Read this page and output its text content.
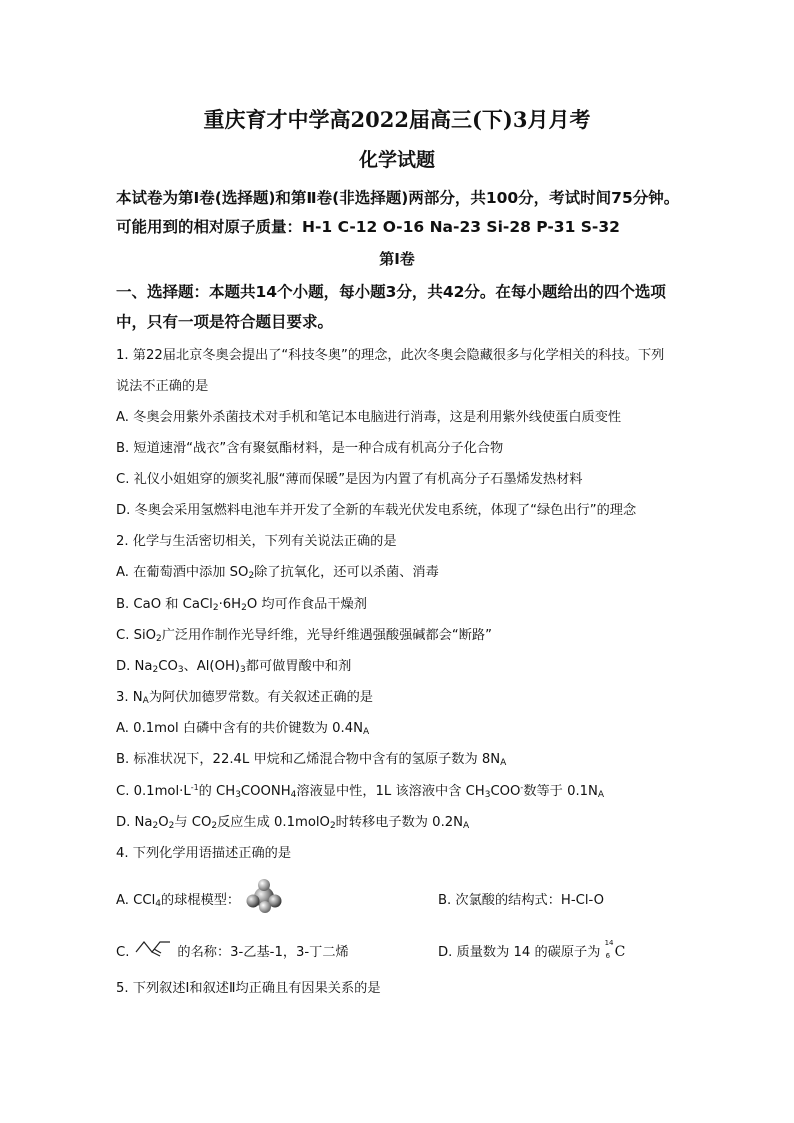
重庆育才中学高2022届高三(下)3月月考
化学试题
本试卷为第Ⅰ卷(选择题)和第Ⅱ卷(非选择题)两部分，共100分，考试时间75分钟。
可能用到的相对原子质量：H-1 C-12 O-16 Na-23 Si-28 P-31 S-32
第Ⅰ卷
一、选择题：本题共14个小题，每小题3分，共42分。在每小题给出的四个选项
中，只有一项是符合题目要求。
1. 第22届北京冬奥会提出了“科技冬奥”的理念，此次冬奥会隐藏很多与化学相关的科技。下列
说法不正确的是
A. 冬奥会用紫外杀菌技术对手机和笔记本电脑进行消毒，这是利用紫外线使蛋白质变性
B. 短道速滑“战衣”含有聚氨酯材料，是一种合成有机高分子化合物
C. 礼仪小姐姐穿的颁奖礼服“薄而保暖”是因为内置了有机高分子石墨烯发热材料
D. 冬奥会采用氢燃料电池车并开发了全新的车载光伏发电系统，体现了“绿色出行”的理念
2. 化学与生活密切相关，下列有关说法正确的是
A. 在葡萄酒中添加 $SO_2$除了抗氧化，还可以杀菌、消毒
B. CaO 和 $CaCl_2\cdot 6H_2O$ 均可作食品干燥剂
C. SiO$_2$广泛用作制作光导纤维，光导纤维遇强酸强碱都会“断路”
D. $Na_2CO_3$、$Al(OH)_3$都可做胃酸中和剂
3. $N_A$为阿伏加德罗常数。有关叙述正确的是
A. 0.1mol 白磷中含有的共价键数为 $0.4N_A$
B. 标准状况下，22.4L 甲烷和乙烯混合物中含有的氢原子数为 $8N_A$
C. $0.1mol\cdot L^{-1}$的 $CH_3COONH_4$溶液显中性，1L 该溶液中含 $CH_3COO^-$数等于 $0.1N_A$
D. $Na_2O_2$与 $CO_2$反应生成 0.1molO$_2$时转移电子数为 $0.2N_A$
4. 下列化学用语描述正确的是
A. CCl$_4$的球棍模型：	B. 次氯酸的结构式：H-Cl-O
C.	的名称：3-乙基-1，3-丁二烯	D. 质量数为 14 的碳原子为
14
6 C
5. 下列叙述Ⅰ和叙述Ⅱ均正确且有因果关系的是
